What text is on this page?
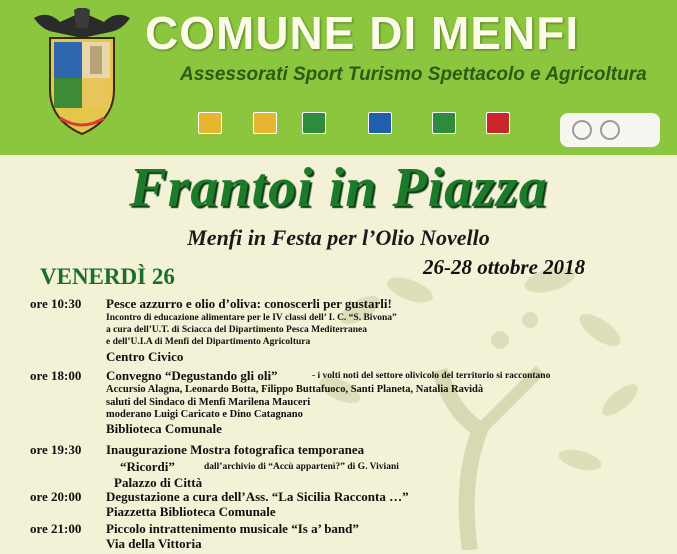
COMUNE DI MENFI
Assessorati Sport Turismo Spettacolo e Agricoltura
Frantoi in Piazza
Menfi in Festa per l’Olio Novello
26-28 ottobre 2018
VENERDÌ 26
ore 10:30 Pesce azzurro e olio d’oliva: conoscerli per gustarli!
Incontro di educazione alimentare per le IV classi dell’ I. C. “S. Bivona”
a cura dell’U.T. di Sciacca del Dipartimento Pesca Mediterranea
e dell’U.I.A di Menfi del Dipartimento Agricoltura
Centro Civico
ore 18:00 Convegno “Degustando gli oli”	- i volti noti del settore olivicolo del territorio si raccontano
Accursio Alagna, Leonardo Botta, Filippo Buttafuoco, Santi Planeta, Natalia Ravidà
saluti del Sindaco di Menfi Marilena Mauceri
moderano Luigi Caricato e Dino Catagnano
Biblioteca Comunale
ore 19:30 Inaugurazione Mostra fotografica temporanea
“Ricordi”	dall’archivio di “Accù appartenì?” di G. Viviani
Palazzo di Città
ore 20:00 Degustazione a cura dell’Ass. “La Sicilia Racconta …”
Piazzetta Biblioteca Comunale
ore 21:00 Piccolo intrattenimento musicale “Is a’ band”
Via della Vittoria
